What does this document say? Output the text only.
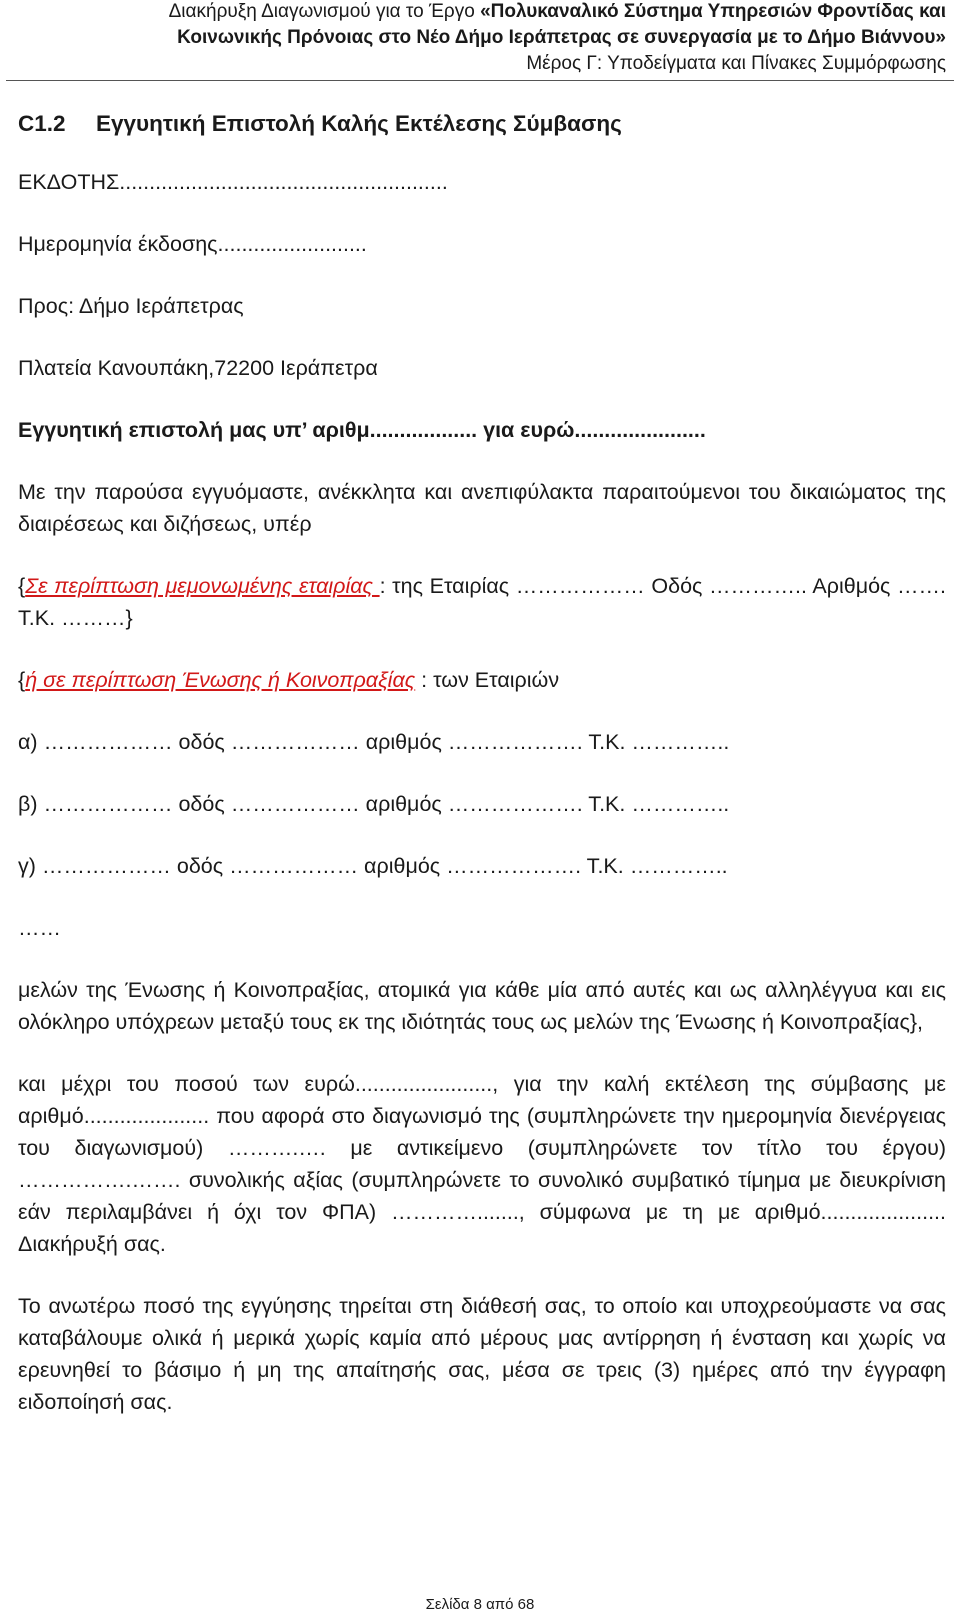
Διακήρυξη Διαγωνισμού για το Έργο «Πολυκαναλικό Σύστημα Υπηρεσιών Φροντίδας και
Κοινωνικής Πρόνοιας στο Νέο Δήμο Ιεράπετρας σε συνεργασία με το Δήμο Βιάννου»
Μέρος Γ: Υποδείγματα και Πίνακες Συμμόρφωσης
C1.2 Εγγυητική Επιστολή Καλής Εκτέλεσης Σύμβασης

ΕΚΔΟΤΗΣ.......................................................

Ημερομηνία έκδοσης.........................

Προς: Δήμο Ιεράπετρας

Πλατεία Κανουπάκη,72200 Ιεράπετρα

Εγγυητική επιστολή μας υπ’ αριθμ.................. για ευρώ......................

Με την παρούσα εγγυόμαστε, ανέκκλητα και ανεπιφύλακτα παραιτούμενοι του δικαιώματος της διαιρέσεως και διζήσεως, υπέρ

{Σε περίπτωση μεμονωμένης εταιρίας : της Εταιρίας ……………… Οδός ………….. Αριθμός ……. Τ.Κ. ………}

{ή σε περίπτωση Ένωσης ή Κοινοπραξίας : των Εταιριών

α) ……………… οδός ……………… αριθμός ………………. Τ.Κ. …………..

β) ……………… οδός ……………… αριθμός ………………. Τ.Κ. …………..

γ) ……………… οδός ……………… αριθμός ………………. Τ.Κ. …………..

……

μελών της Ένωσης ή Κοινοπραξίας, ατομικά για κάθε μία από αυτές και ως αλληλέγγυα και εις ολόκληρο υπόχρεων μεταξύ τους εκ της ιδιότητάς τους ως μελών της Ένωσης ή Κοινοπραξίας},

και μέχρι του ποσού των ευρώ......................., για την καλή εκτέλεση της σύμβασης με αριθμό..................... που αφορά στο διαγωνισμό της (συμπληρώνετε την ημερομηνία διενέργειας του διαγωνισμού) ……….…. με αντικείμενο (συμπληρώνετε τον τίτλο του έργου) …………….……. συνολικής αξίας (συμπληρώνετε το συνολικό συμβατικό τίμημα με διευκρίνιση εάν περιλαμβάνει ή όχι τον ΦΠΑ) …………......., σύμφωνα με τη με αριθμό..................... Διακήρυξή σας.

Το ανωτέρω ποσό της εγγύησης τηρείται στη διάθεσή σας, το οποίο και υποχρεούμαστε να σας καταβάλουμε ολικά ή μερικά χωρίς καμία από μέρους μας αντίρρηση ή ένσταση και χωρίς να ερευνηθεί το βάσιμο ή μη της απαίτησής σας, μέσα σε τρεις (3) ημέρες από την έγγραφη ειδοποίησή σας.

Σελίδα 8 από 68
